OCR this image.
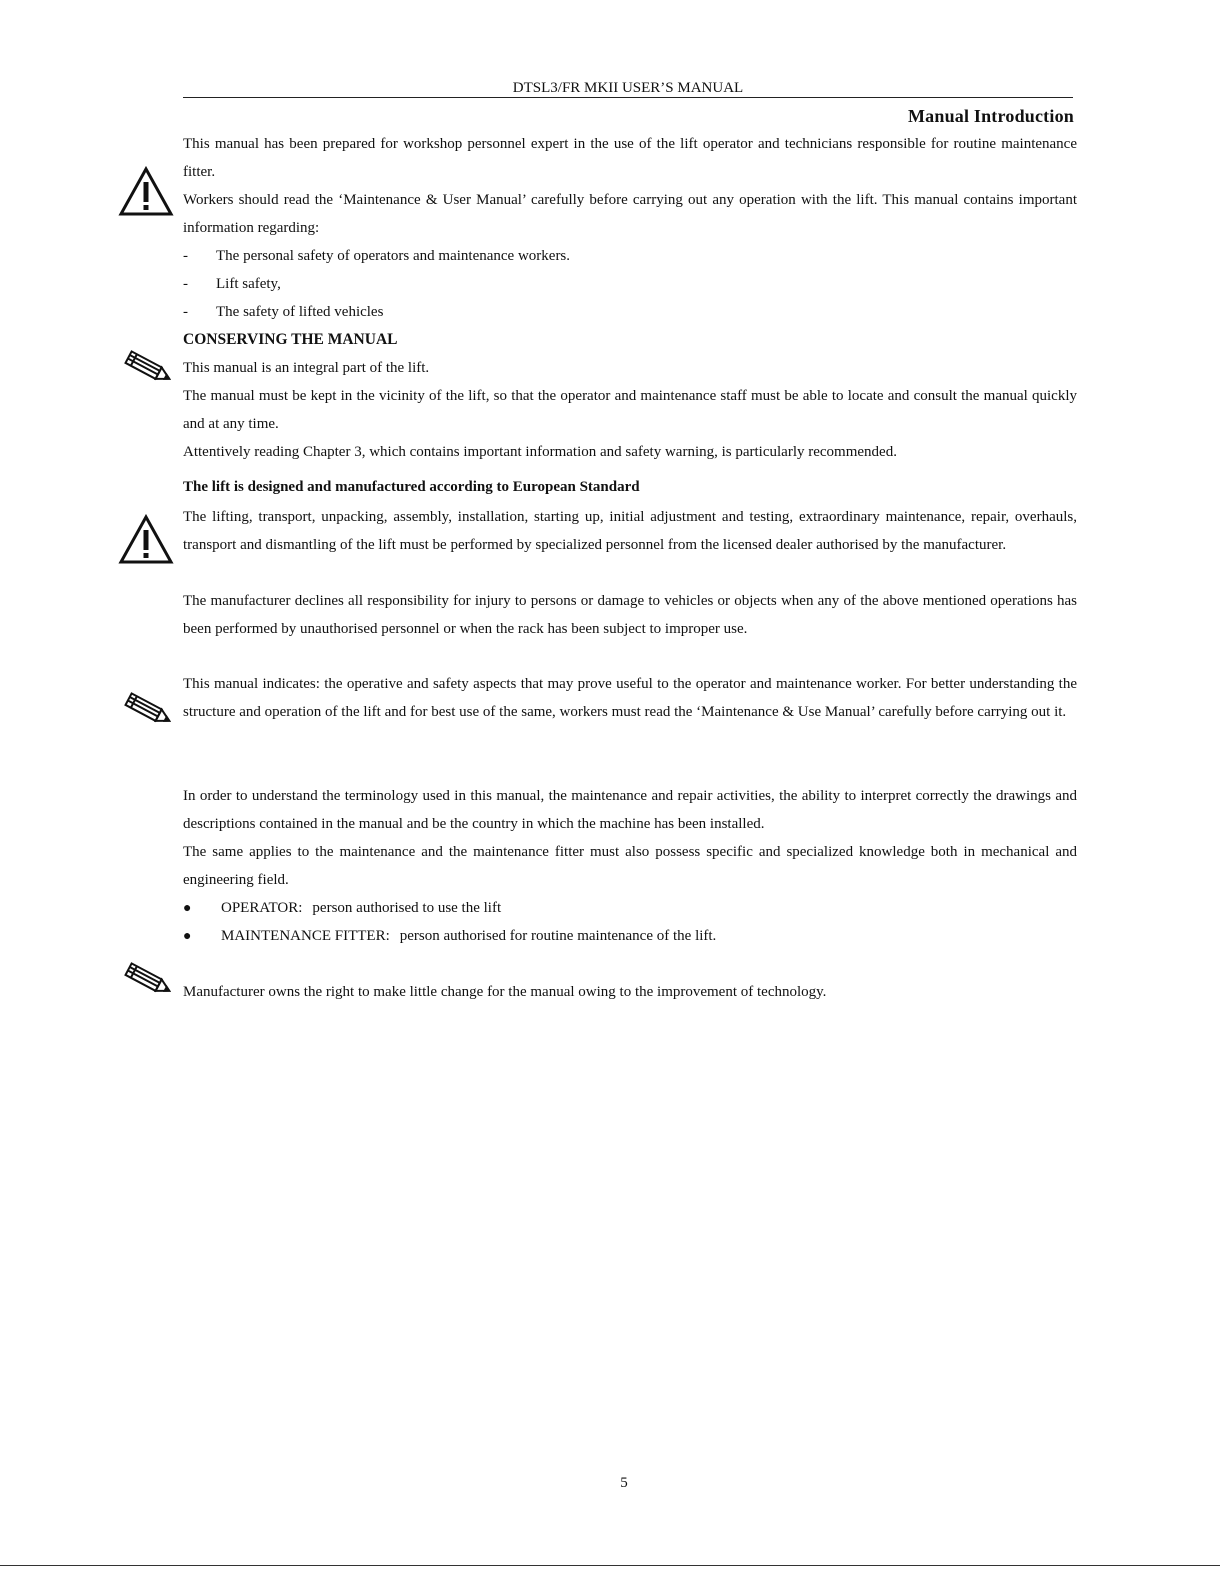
DTSL3/FR MKII USER’S MANUAL
Manual Introduction
This manual has been prepared for workshop personnel expert in the use of the lift operator and technicians responsible for routine maintenance fitter.
Workers should read the ‘Maintenance & User Manual’ carefully before carrying out any operation with the lift. This manual contains important information regarding:
- The personal safety of operators and maintenance workers.
- Lift safety,
- The safety of lifted vehicles
CONSERVING THE MANUAL
This manual is an integral part of the lift.
The manual must be kept in the vicinity of the lift, so that the operator and maintenance staff must be able to locate and consult the manual quickly and at any time.
Attentively reading Chapter 3, which contains important information and safety warning, is particularly recommended.
The lift is designed and manufactured according to European Standard
The lifting, transport, unpacking, assembly, installation, starting up, initial adjustment and testing, extraordinary maintenance, repair, overhauls, transport and dismantling of the lift must be performed by specialized personnel from the licensed dealer authorised by the manufacturer.
The manufacturer declines all responsibility for injury to persons or damage to vehicles or objects when any of the above mentioned operations has been performed by unauthorised personnel or when the rack has been subject to improper use.
This manual indicates: the operative and safety aspects that may prove useful to the operator and maintenance worker. For better understanding the structure and operation of the lift and for best use of the same, workers must read the ‘Maintenance & Use Manual’ carefully before carrying out it.
In order to understand the terminology used in this manual, the maintenance and repair activities, the ability to interpret correctly the drawings and descriptions contained in the manual and be the country in which the machine has been installed.
The same applies to the maintenance and the maintenance fitter must also possess specific and specialized knowledge both in mechanical and engineering field.
● OPERATOR: person authorised to use the lift
● MAINTENANCE FITTER: person authorised for routine maintenance of the lift.
Manufacturer owns the right to make little change for the manual owing to the improvement of technology.
5
